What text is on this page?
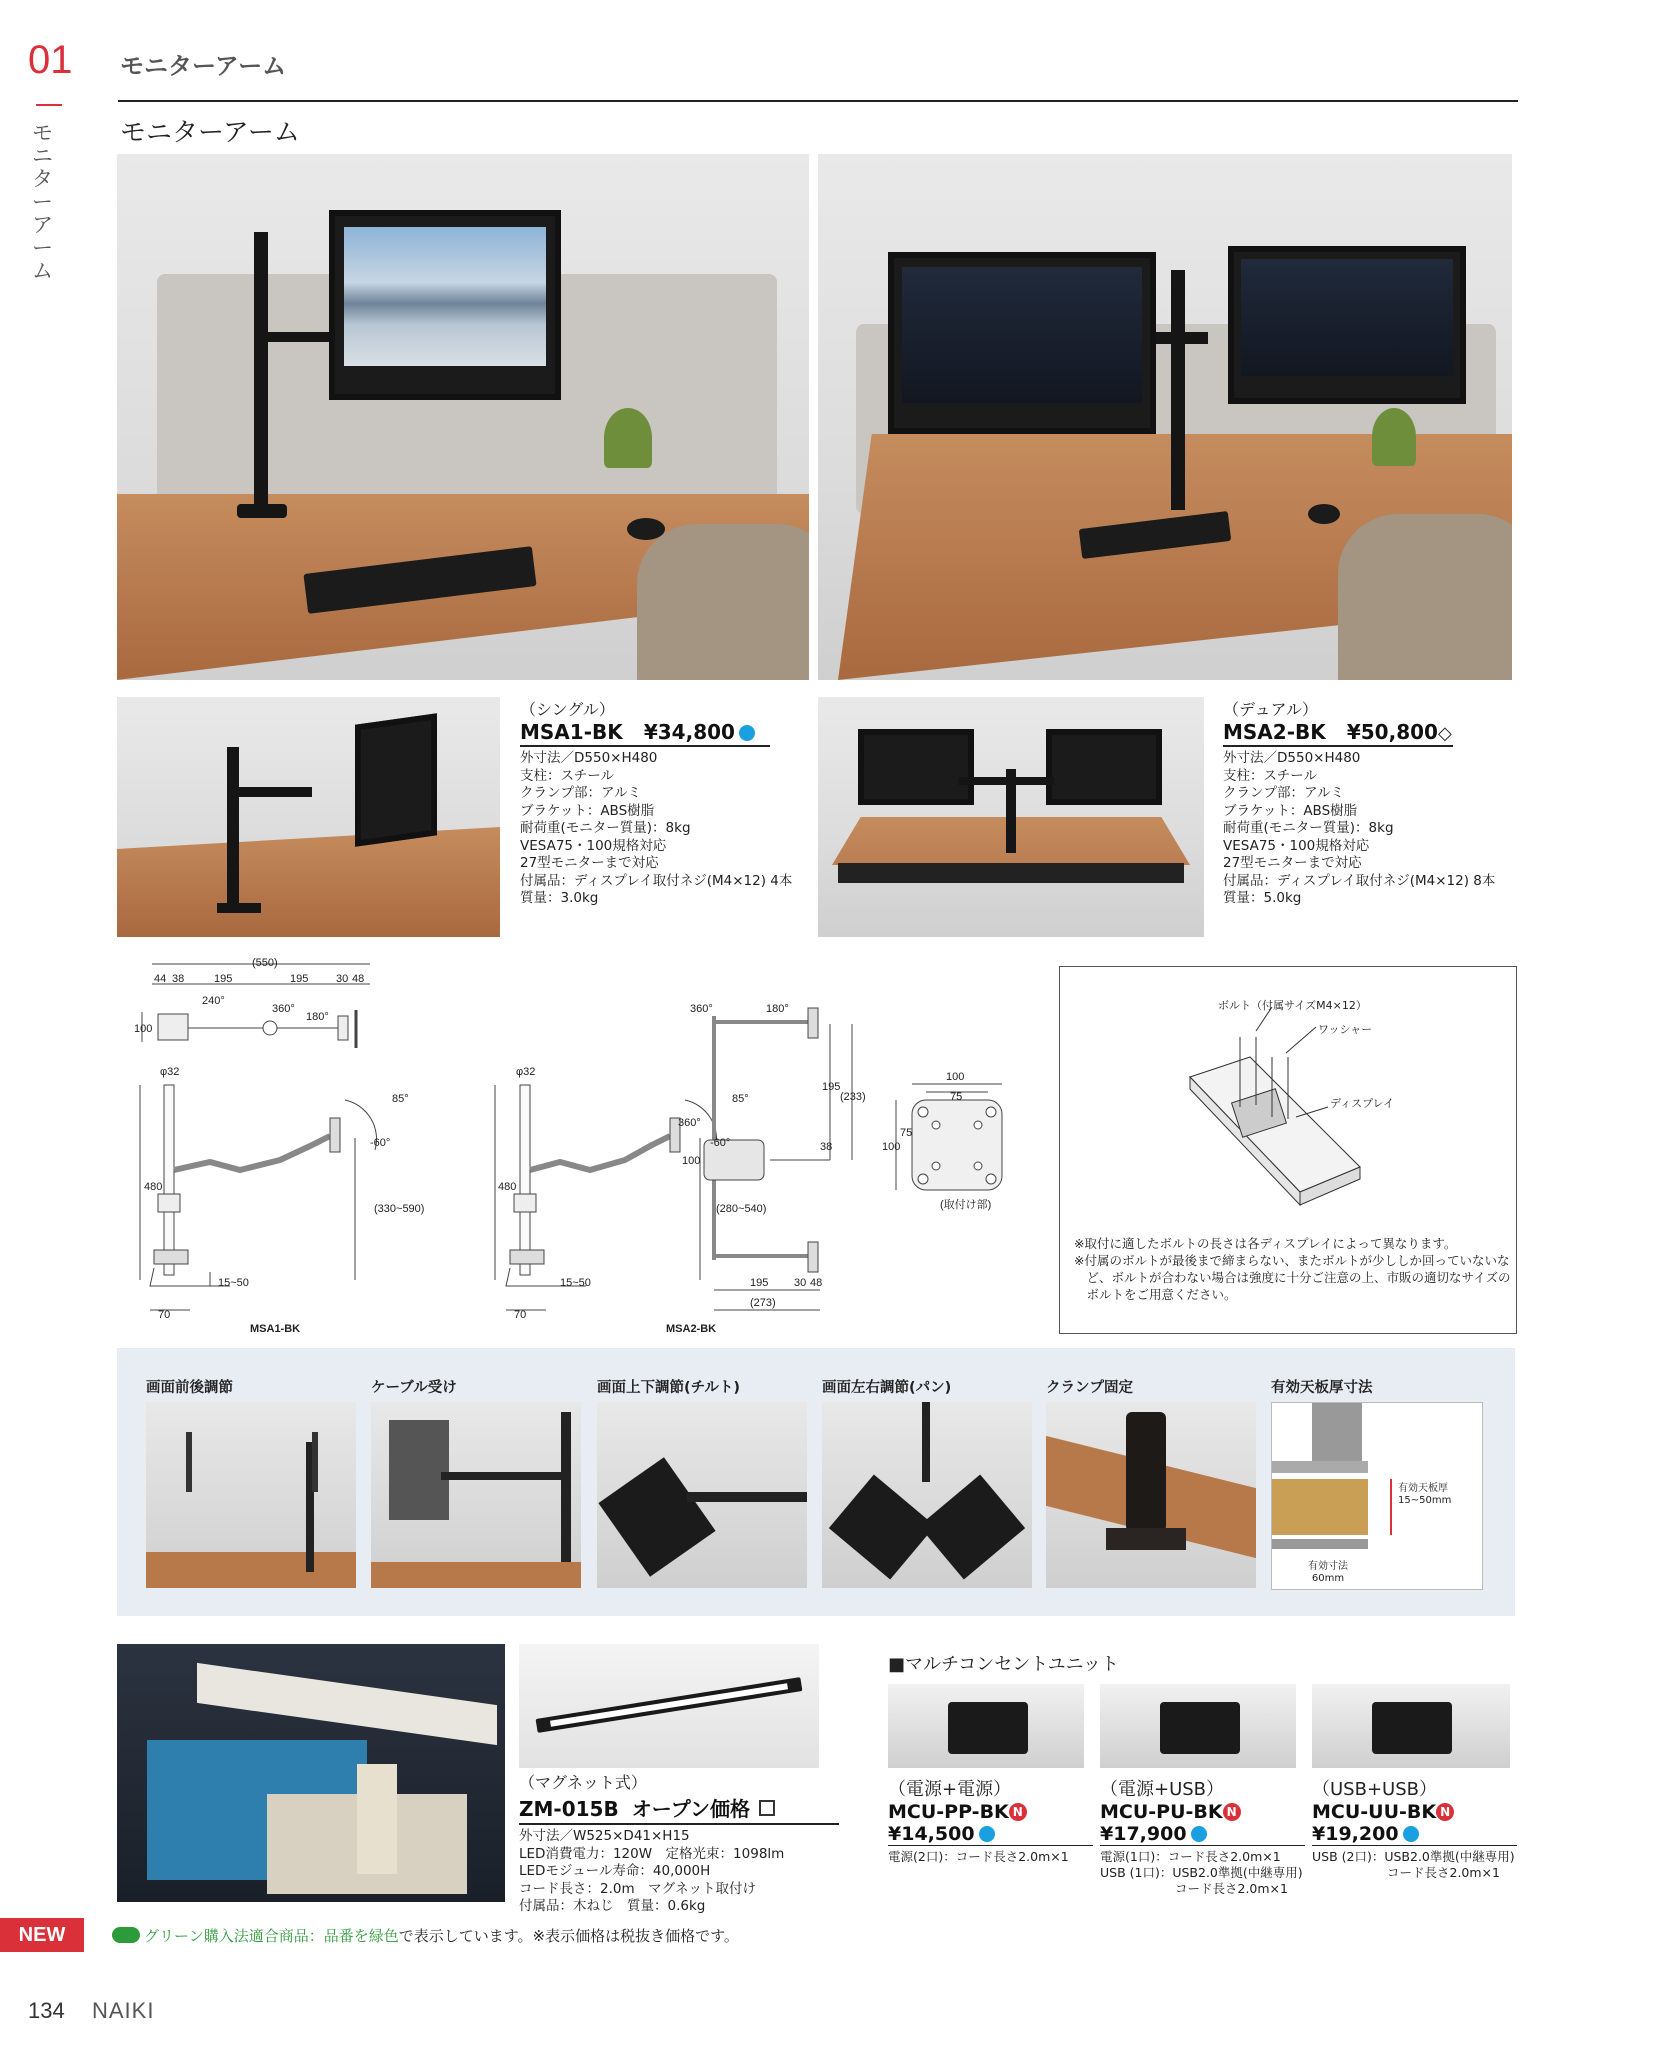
01
モニターアーム
モニターアーム
モニターアーム
（シングル）
MSA1-BK ¥34,800
外寸法／D550×H480
支柱：スチール
クランプ部：アルミ
ブラケット：ABS樹脂
耐荷重(モニター質量)：8kg
VESA75・100規格対応
27型モニターまで対応
付属品：ディスプレイ取付ネジ(M4×12) 4本
質量：3.0kg
（デュアル）
MSA2-BK ¥50,800◇
外寸法／D550×H480
支柱：スチール
クランプ部：アルミ
ブラケット：ABS樹脂
耐荷重(モニター質量)：8kg
VESA75・100規格対応
27型モニターまで対応
付属品：ディスプレイ取付ネジ(M4×12) 8本
質量：5.0kg
(550)
44 38	195	195	30 48
100
240°
360°
180°
φ32
480
85°
-60°
(330~590)
15~50
70
MSA1-BK
φ32
480
85°
-60°
(280~540)
15~50
70
MSA2-BK
360°	180°
360°
195
(233)
38
100
195 30 48
(273)
100
75
100
75
(取付け部)
ボルト（付属サイズM4×12）
ワッシャー
ディスプレイ
※取付に適したボルトの長さは各ディスプレイによって異なります。
※付属のボルトが最後まで締まらない、またボルトが少ししか回っていないな
　ど、ボルトが合わない場合は強度に十分ご注意の上、市販の適切なサイズの
　ボルトをご用意ください。
画面前後調節	ケーブル受け	画面上下調節(チルト)	画面左右調節(パン)	クランプ固定	有効天板厚寸法
有効天板厚
15~50mm
有効寸法
60mm
（マグネット式）
ZM-015B オープン価格
外寸法／W525×D41×H15
LED消費電力：120W　定格光束：1098lm
LEDモジュール寿命：40,000H
コード長さ：2.0m　マグネット取付け
付属品：木ねじ　質量：0.6kg
■マルチコンセントユニット
（電源+電源）
MCU-PP-BK N
¥14,500
電源(2口)：コード長さ2.0m×1
（電源+USB）
MCU-PU-BK N
¥17,900
電源(1口)：コード長さ2.0m×1
USB (1口)：USB2.0準拠(中継専用)
　　　　　　コード長さ2.0m×1
（USB+USB）
MCU-UU-BK N
¥19,200
USB (2口)：USB2.0準拠(中継専用)
　　　　　　コード長さ2.0m×1
NEW	グリーン購入法適合商品：品番を緑色で表示しています。※表示価格は税抜き価格です。
134 NAIKI
